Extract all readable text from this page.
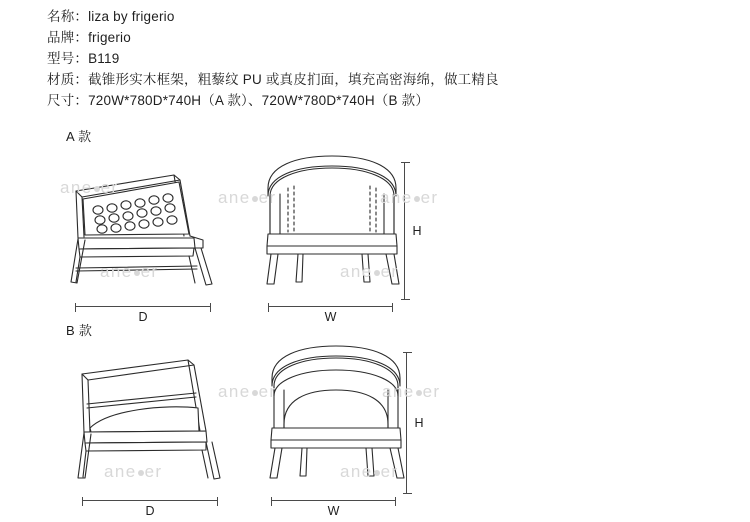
名称：liza by frigerio
品牌：frigerio
型号：B119
材质：截锥形实木框架，粗藜纹 PU 或真皮扪面，填充高密海绵，做工精良
尺寸：720W*780D*740H（A 款）、720W*780D*740H（B 款）
A 款
D	W
H
B 款
D	W
H
ane er
ane er	ane er
ane er	ane er
ane er	ane er
ane er	ane er
